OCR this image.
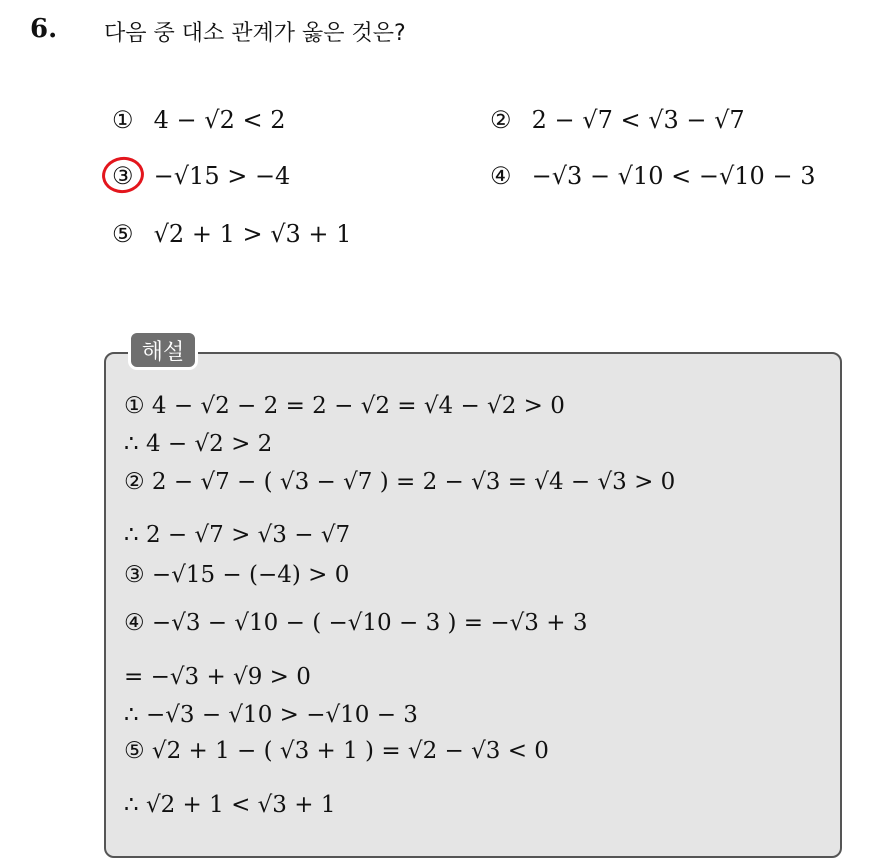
6. 다음 중 대소 관계가 옳은 것은?
① 4 − √2 < 2	② 2 − √7 < √3 − √7
③ −√15 > −4	④ −√3 − √10 < −√10 − 3
⑤ √2 + 1 > √3 + 1
해설
① 4 − √2 − 2 = 2 − √2 = √4 − √2 > 0
∴ 4 − √2 > 2
② 2 − √7 − ( √3 − √7 ) = 2 − √3 = √4 − √3 > 0
∴ 2 − √7 > √3 − √7
③ −√15 − (−4) > 0
④ −√3 − √10 − ( −√10 − 3 ) = −√3 + 3
= −√3 + √9 > 0
∴ −√3 − √10 > −√10 − 3
⑤ √2 + 1 − ( √3 + 1 ) = √2 − √3 < 0
∴ √2 + 1 < √3 + 1
